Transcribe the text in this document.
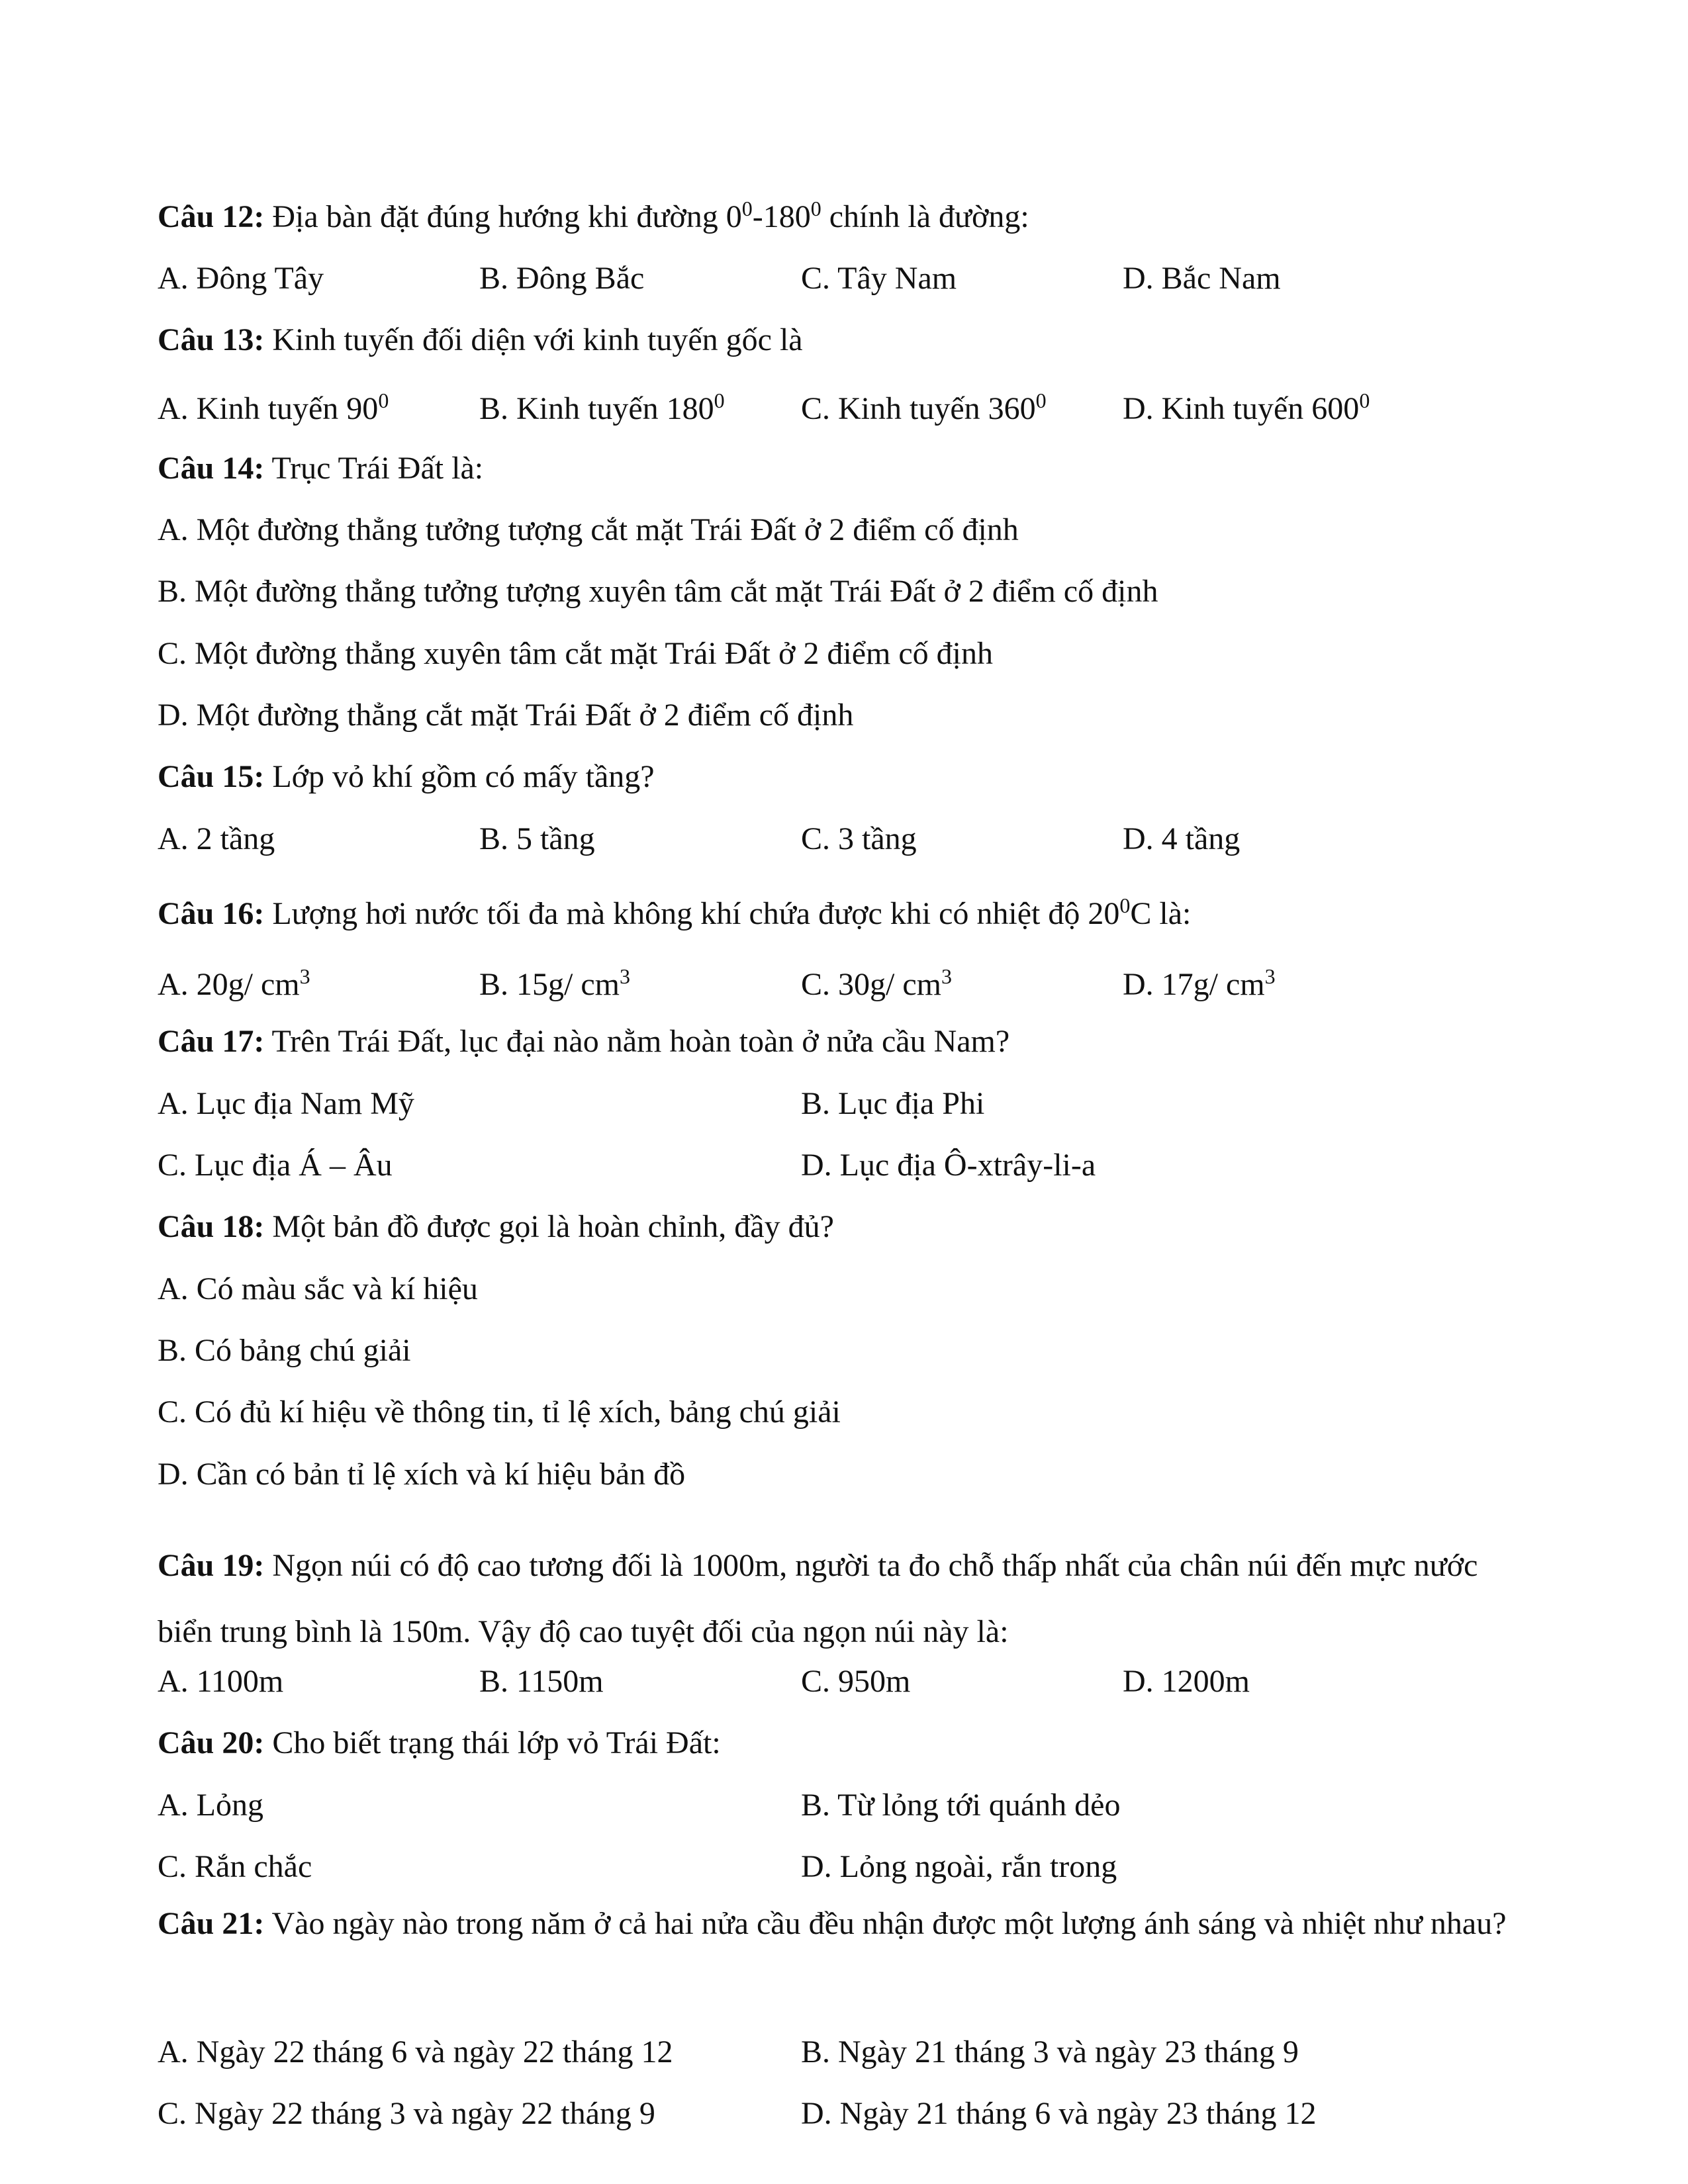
Câu 12: Địa bàn đặt đúng hướng khi đường $0^0-180^0$ chính là đường:
A. Đông Tây	B. Đông Bắc	C. Tây Nam	D. Bắc Nam
Câu 13: Kinh tuyến đối diện với kinh tuyến gốc là
A. Kinh tuyến $90^0$	B. Kinh tuyến $180^0$ C. Kinh tuyến $360^0$ D. Kinh tuyến $600^0$
Câu 14: Trục Trái Đất là:
A. Một đường thẳng tưởng tượng cắt mặt Trái Đất ở 2 điểm cố định
B. Một đường thẳng tưởng tượng xuyên tâm cắt mặt Trái Đất ở 2 điểm cố định
C. Một đường thẳng xuyên tâm cắt mặt Trái Đất ở 2 điểm cố định
D. Một đường thẳng cắt mặt Trái Đất ở 2 điểm cố định
Câu 15: Lớp vỏ khí gồm có mấy tầng?
A. 2 tầng	B. 5 tầng	C. 3 tầng	D. 4 tầng
Câu 16: Lượng hơi nước tối đa mà không khí chứa được khi có nhiệt độ $20^0C$ là:
A. 20g/ $cm^3$	B. 15g/ $cm^3$	C. 30g/ $cm^3$	D. 17g/ $cm^3$
Câu 17: Trên Trái Đất, lục đại nào nằm hoàn toàn ở nửa cầu Nam?
A. Lục địa Nam Mỹ	B. Lục địa Phi
C. Lục địa Á – Âu	D. Lục địa Ô-xtrây-li-a
Câu 18: Một bản đồ được gọi là hoàn chỉnh, đầy đủ?
A. Có màu sắc và kí hiệu
B. Có bảng chú giải
C. Có đủ kí hiệu về thông tin, tỉ lệ xích, bảng chú giải
D. Cần có bản tỉ lệ xích và kí hiệu bản đồ
Câu 19: Ngọn núi có độ cao tương đối là 1000m, người ta đo chỗ thấp nhất của chân núi đến mực nước biển trung bình là 150m. Vậy độ cao tuyệt đối của ngọn núi này là:
A. 1100m	B. 1150m	C. 950m	D. 1200m
Câu 20: Cho biết trạng thái lớp vỏ Trái Đất:
A. Lỏng	B. Từ lỏng tới quánh dẻo
C. Rắn chắc	D. Lỏng ngoài, rắn trong
Câu 21: Vào ngày nào trong năm ở cả hai nửa cầu đều nhận được một lượng ánh sáng và nhiệt như nhau?
A. Ngày 22 tháng 6 và ngày 22 tháng 12	B. Ngày 21 tháng 3 và ngày 23 tháng 9
C. Ngày 22 tháng 3 và ngày 22 tháng 9	D. Ngày 21 tháng 6 và ngày 23 tháng 12
